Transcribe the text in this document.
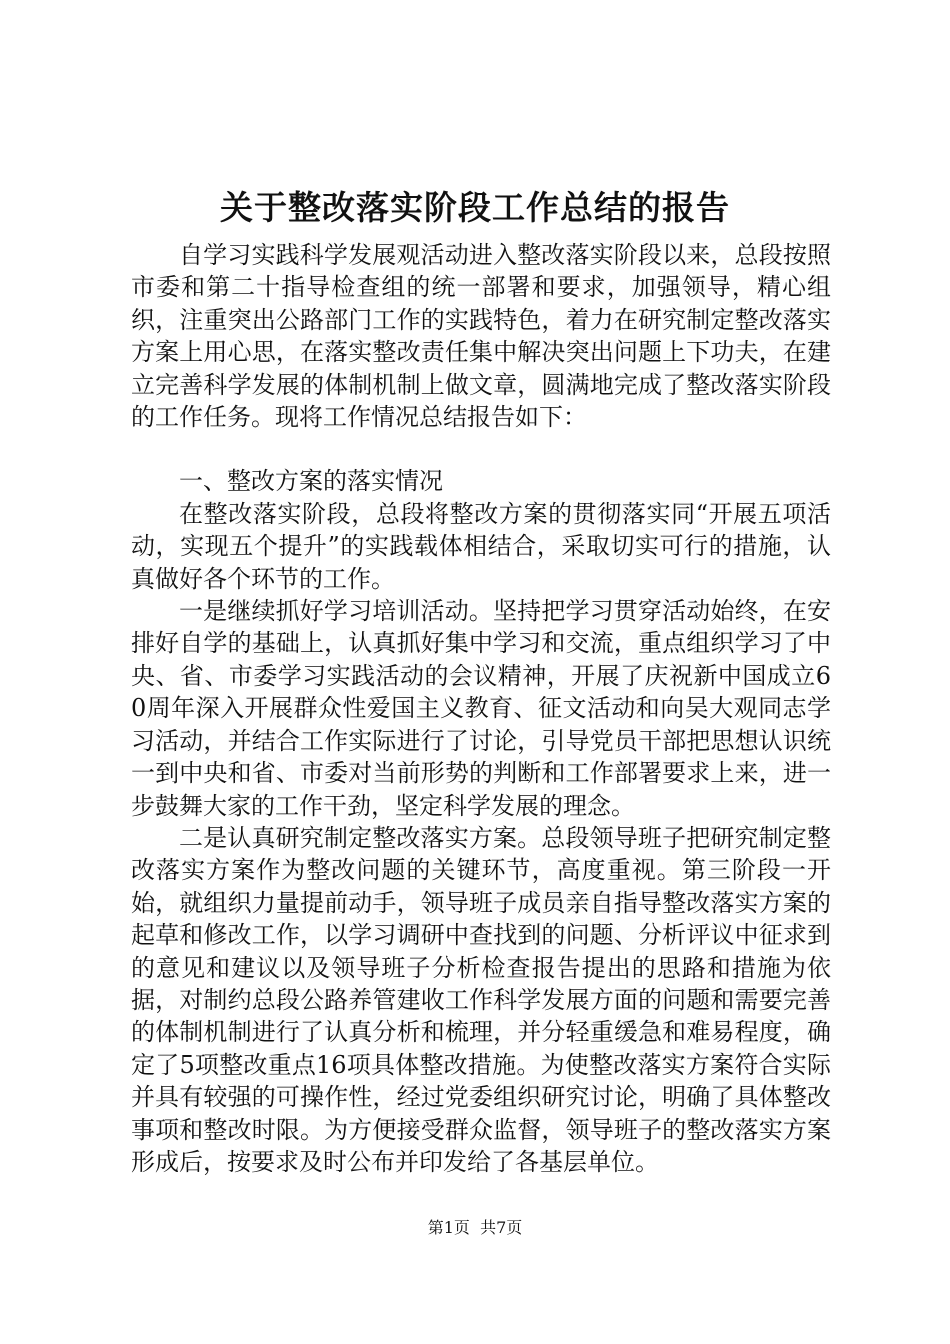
关于整改落实阶段工作总结的报告

自学习实践科学发展观活动进入整改落实阶段以来，总段按照市委和第二十指导检查组的统一部署和要求，加强领导，精心组织，注重突出公路部门工作的实践特色，着力在研究制定整改落实方案上用心思，在落实整改责任集中解决突出问题上下功夫，在建立完善科学发展的体制机制上做文章，圆满地完成了整改落实阶段的工作任务。现将工作情况总结报告如下：

一、整改方案的落实情况

在整改落实阶段，总段将整改方案的贯彻落实同“开展五项活动，实现五个提升”的实践载体相结合，采取切实可行的措施，认真做好各个环节的工作。

一是继续抓好学习培训活动。坚持把学习贯穿活动始终，在安排好自学的基础上，认真抓好集中学习和交流，重点组织学习了中央、省、市委学习实践活动的会议精神，开展了庆祝新中国成立60周年深入开展群众性爱国主义教育、征文活动和向吴大观同志学习活动，并结合工作实际进行了讨论，引导党员干部把思想认识统一到中央和省、市委对当前形势的判断和工作部署要求上来，进一步鼓舞大家的工作干劲，坚定科学发展的理念。

二是认真研究制定整改落实方案。总段领导班子把研究制定整改落实方案作为整改问题的关键环节，高度重视。第三阶段一开始，就组织力量提前动手，领导班子成员亲自指导整改落实方案的起草和修改工作，以学习调研中查找到的问题、分析评议中征求到的意见和建议以及领导班子分析检查报告提出的思路和措施为依据，对制约总段公路养管建收工作科学发展方面的问题和需要完善的体制机制进行了认真分析和梳理，并分轻重缓急和难易程度，确定了5项整改重点16项具体整改措施。为使整改落实方案符合实际并具有较强的可操作性，经过党委组织研究讨论，明确了具体整改事项和整改时限。为方便接受群众监督，领导班子的整改落实方案形成后，按要求及时公布并印发给了各基层单位。

第1页 共7页
